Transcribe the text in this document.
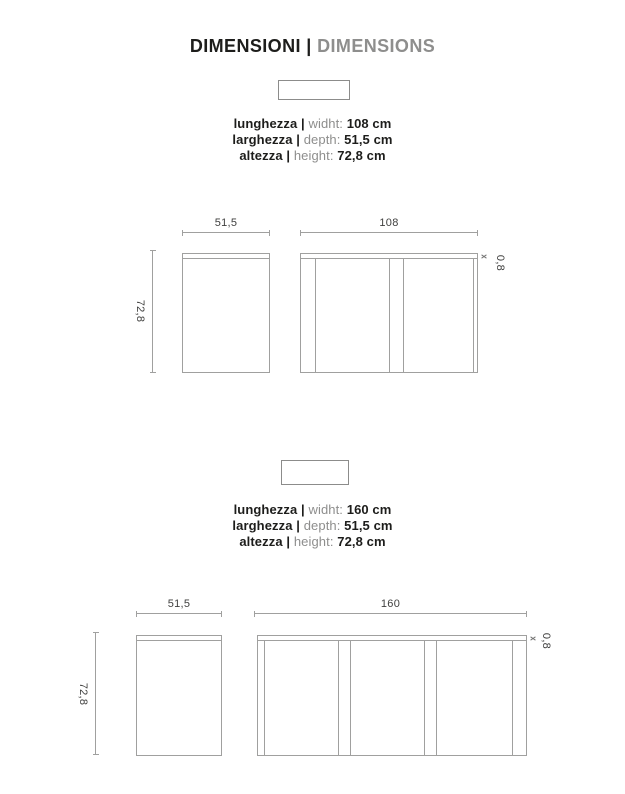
DIMENSIONI | DIMENSIONS
lunghezza | widht: 108 cm
larghezza | depth: 51,5 cm
altezza | height: 72,8 cm
51,5	108
72,8
0,8
lunghezza | widht: 160 cm
larghezza | depth: 51,5 cm
altezza | height: 72,8 cm
51,5	160
72,8
0,8
